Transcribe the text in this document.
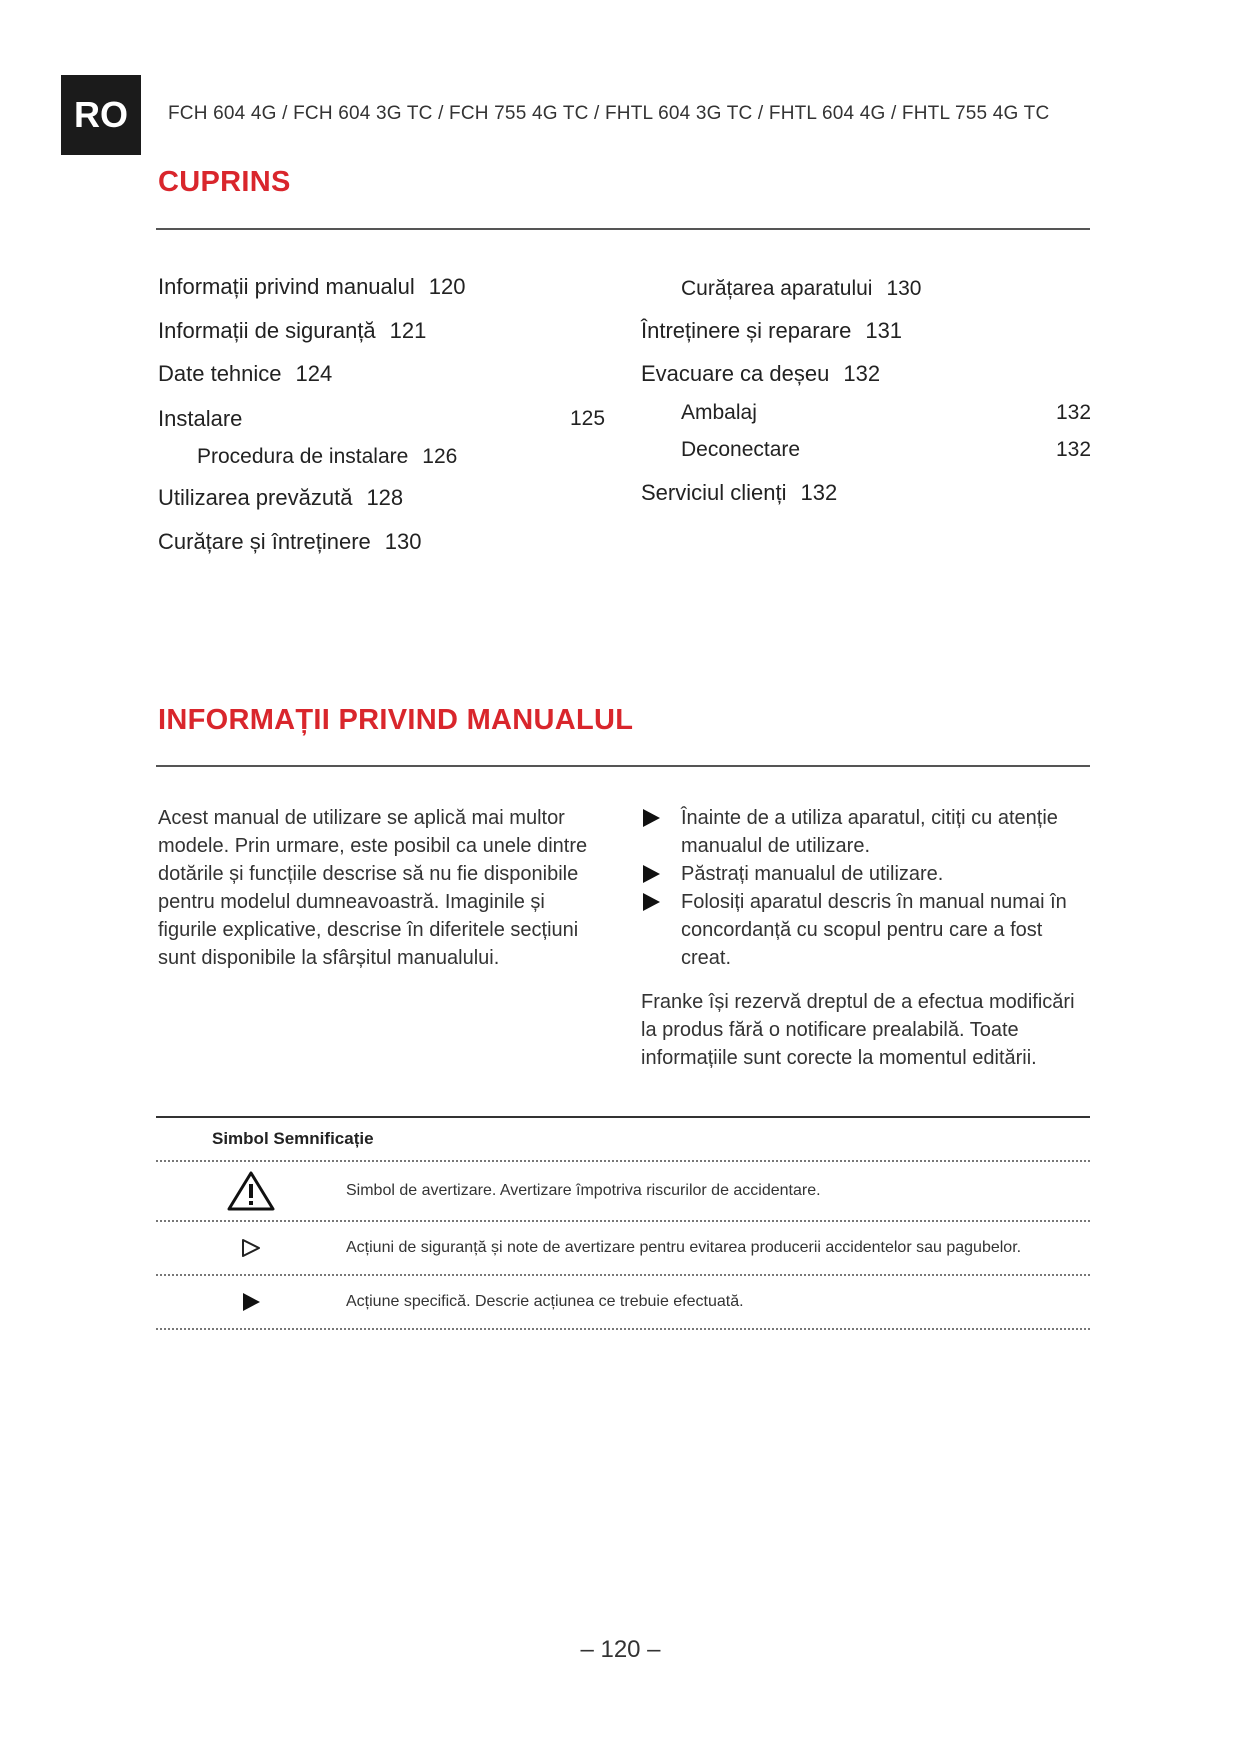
RO	FCH 604 4G / FCH 604 3G TC / FCH 755 4G TC / FHTL 604 3G TC / FHTL 604 4G / FHTL 755 4G TC
CUPRINS
Informații privind manualul 120
Informații de siguranță 121
Date tehnice 124
Instalare	125
Procedura de instalare 126
Utilizarea prevăzută 128
Curățare și întreținere 130
Curățarea aparatului 130
Întreținere și reparare 131
Evacuare ca deșeu 132
Ambalaj	132
Deconectare	132
Serviciul clienți 132
INFORMAȚII PRIVIND MANUALUL

Acest manual de utilizare se aplică mai multor modele. Prin urmare, este posibil ca unele dintre dotările și funcțiile descrise să nu fie disponibile pentru modelul dumneavoastră. Imaginile și figurile explicative, descrise în diferitele secțiuni sunt disponibile la sfârșitul manualului.

Înainte de a utiliza aparatul, citiți cu atenție manualul de utilizare.
Păstrați manualul de utilizare.
Folosiți aparatul descris în manual numai în concordanță cu scopul pentru care a fost creat.

Franke își rezervă dreptul de a efectua modificări la produs fără o notificare prealabilă. Toate informațiile sunt corecte la momentul editării.

Simbol Semnificație
Simbol de avertizare. Avertizare împotriva riscurilor de accidentare.
Acțiuni de siguranță și note de avertizare pentru evitarea producerii accidentelor sau pagubelor.
Acțiune specifică. Descrie acțiunea ce trebuie efectuată.
– 120 –
